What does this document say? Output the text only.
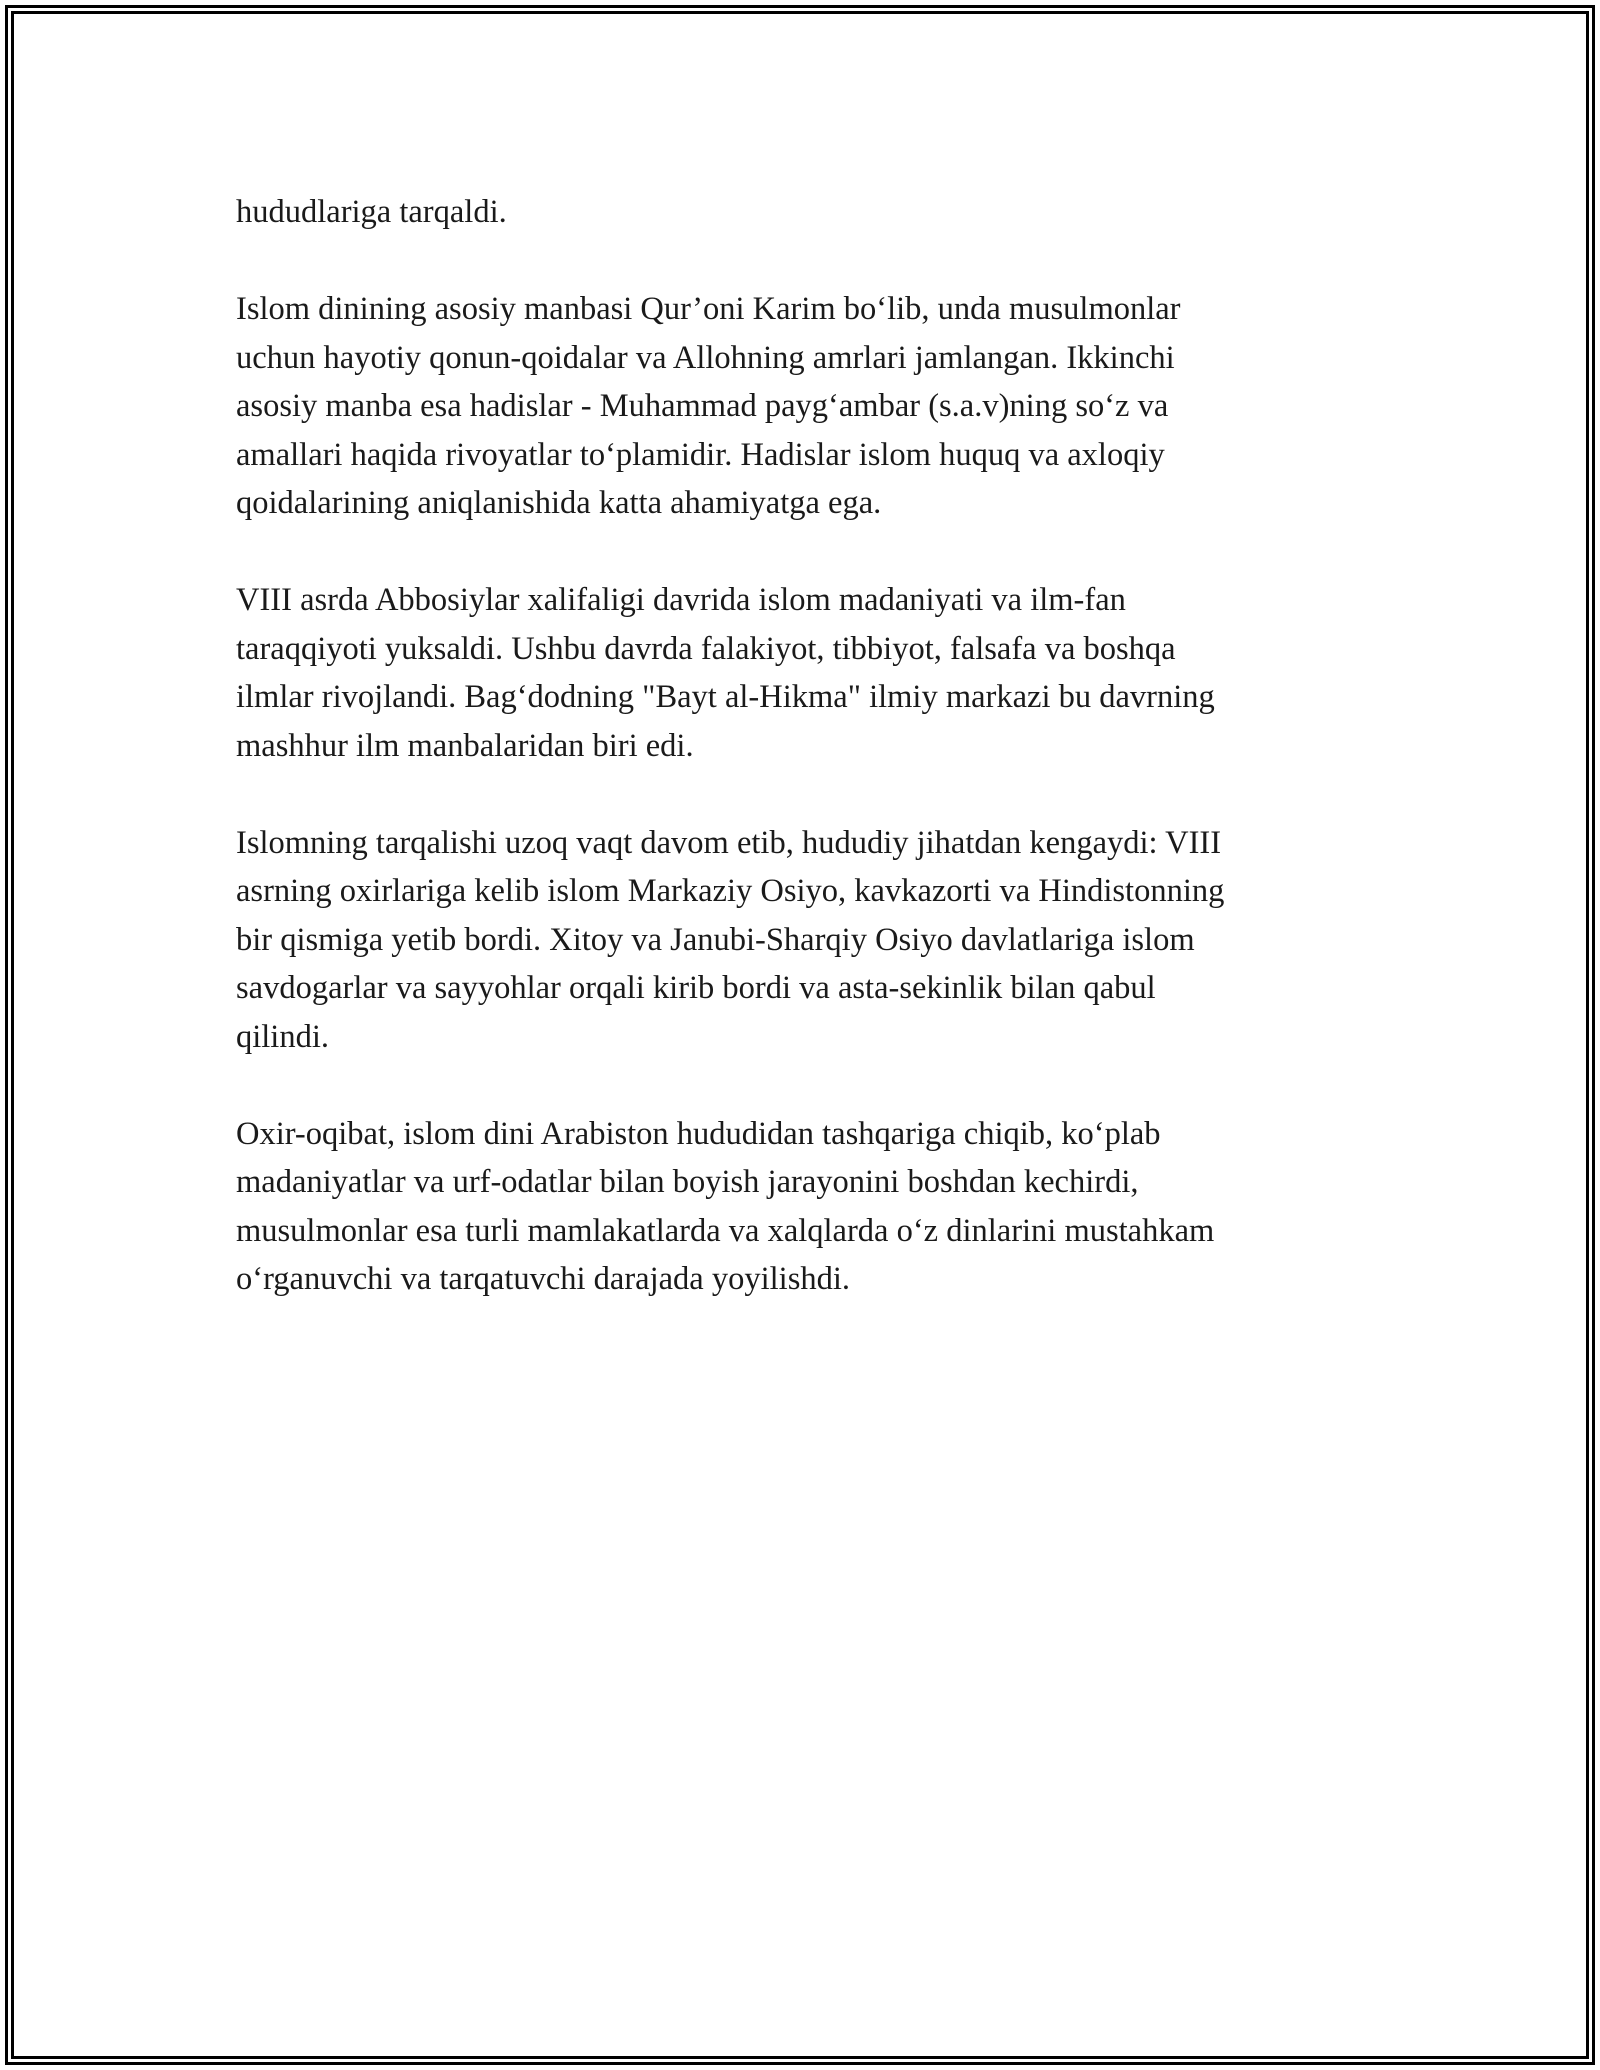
hududlariga tarqaldi.

Islom dinining asosiy manbasi Qur’oni Karim bo‘lib, unda musulmonlar
uchun hayotiy qonun-qoidalar va Allohning amrlari jamlangan. Ikkinchi
asosiy manba esa hadislar - Muhammad payg‘ambar (s.a.v)ning so‘z va
amallari haqida rivoyatlar to‘plamidir. Hadislar islom huquq va axloqiy
qoidalarining aniqlanishida katta ahamiyatga ega.

VIII asrda Abbosiylar xalifaligi davrida islom madaniyati va ilm-fan
taraqqiyoti yuksaldi. Ushbu davrda falakiyot, tibbiyot, falsafa va boshqa
ilmlar rivojlandi. Bag‘dodning "Bayt al-Hikma" ilmiy markazi bu davrning
mashhur ilm manbalaridan biri edi.

Islomning tarqalishi uzoq vaqt davom etib, hududiy jihatdan kengaydi: VIII
asrning oxirlariga kelib islom Markaziy Osiyo, kavkazorti va Hindistonning
bir qismiga yetib bordi. Xitoy va Janubi-Sharqiy Osiyo davlatlariga islom
savdogarlar va sayyohlar orqali kirib bordi va asta-sekinlik bilan qabul
qilindi.

Oxir-oqibat, islom dini Arabiston hududidan tashqariga chiqib, ko‘plab
madaniyatlar va urf-odatlar bilan boyish jarayonini boshdan kechirdi,
musulmonlar esa turli mamlakatlarda va xalqlarda o‘z dinlarini mustahkam
o‘rganuvchi va tarqatuvchi darajada yoyilishdi.
